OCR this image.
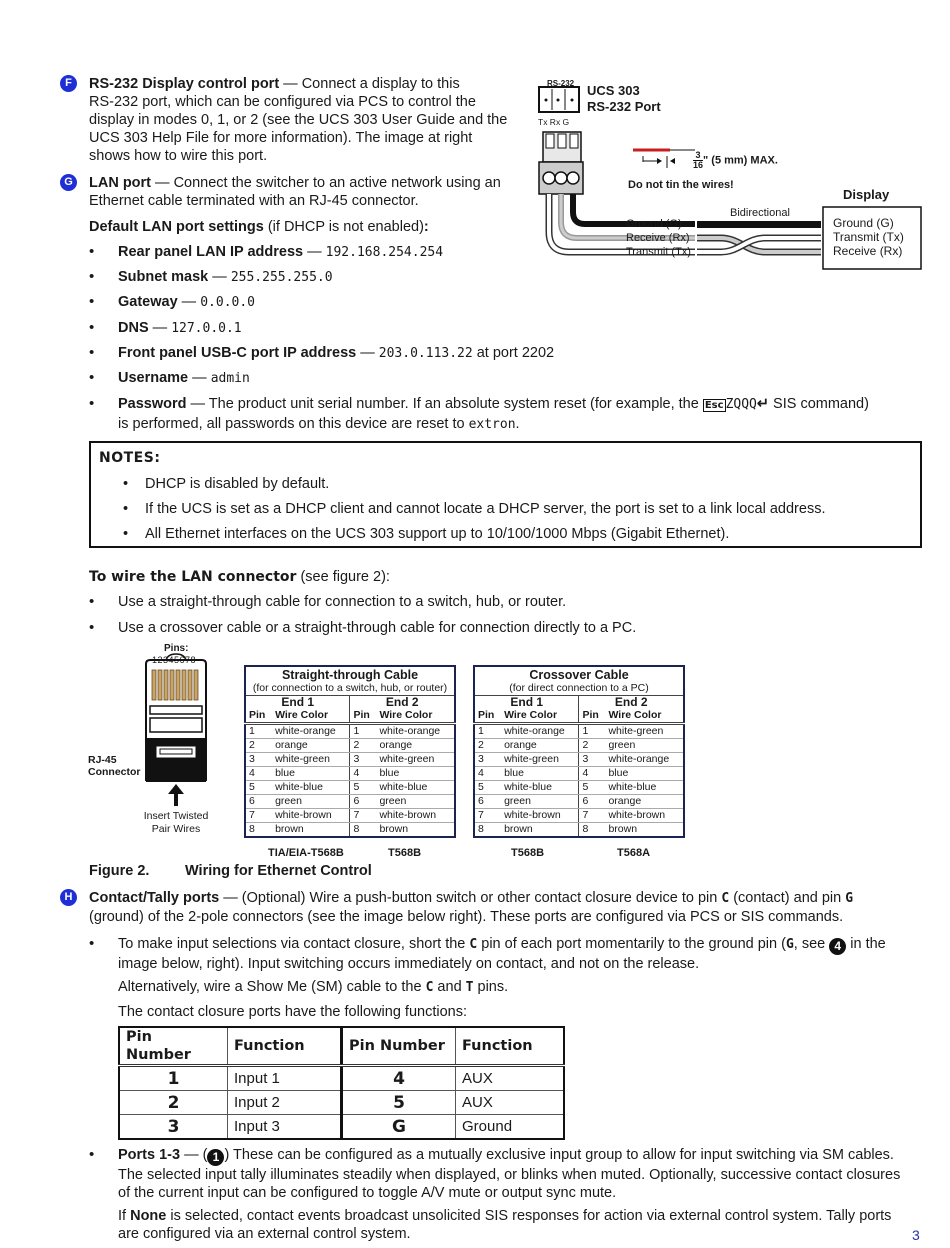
F	RS-232 Display control port — Connect a display to this
RS-232 port, which can be configured via PCS to control the
display in modes 0, 1, or 2 (see the UCS 303 User Guide and the
UCS 303 Help File for more information). The image at right
shows how to wire this port.
RS-232 UCS 303
RS-232 Port
Tx Rx G
$\frac{3}{16}$ " (5 mm) MAX.
Do not tin the wires!
Display
Bidirectional
Ground (G)
Receive (Rx)
Transmit (Tx)
Ground (G)
Transmit (Tx)
Receive (Rx)
G LAN port — Connect the switcher to an active network using an
Ethernet cable terminated with an RJ-45 connector.
Default LAN port settings (if DHCP is not enabled):
• Rear panel LAN IP address — 192.168.254.254
• Subnet mask — 255.255.255.0
• Gateway — 0.0.0.0
• DNS — 127.0.0.1
• Front panel USB-C port IP address — 203.0.113.22 at port 2202
• Username — admin
• Password — The product unit serial number. If an absolute system reset (for example, the Esc ZQQQ↵ SIS command)
is performed, all passwords on this device are reset to extron.
NOTES:
• DHCP is disabled by default.
• If the UCS is set as a DHCP client and cannot locate a DHCP server, the port is set to a link local address.
• All Ethernet interfaces on the UCS 303 support up to 10/100/1000 Mbps (Gigabit Ethernet).
To wire the LAN connector (see figure 2):
• Use a straight-through cable for connection to a switch, hub, or router.
• Use a crossover cable or a straight-through cable for connection directly to a PC.
Pins:
12345678
RJ-45
Connector
Insert Twisted
Pair Wires
Straight-through Cable			
(for connection to a switch, hub, or router)			
End 1		End 2	
Pin	Wire Color	Pin	Wire Color
1	white-orange	1	white-orange
2	orange	2	orange
3	white-green	3	white-green
4	blue	4	blue
5	white-blue	5	white-blue
6	green	6	green
7	white-brown	7	white-brown
8	brown	8	brown
TIA/EIA-T568B	T568B
Crossover Cable			
(for direct connection to a PC)			
End 1		End 2	
Pin	Wire Color	Pin	Wire Color
1	white-orange	1	white-green
2	orange	2	green
3	white-green	3	white-orange
4	blue	4	blue
5	white-blue	5	white-blue
6	green	6	orange
7	white-brown	7	white-brown
8	brown	8	brown
T568B	T568A
Figure 2. Wiring for Ethernet Control
H	Contact/Tally ports — (Optional) Wire a push-button switch or other contact closure device to pin C (contact) and pin G
(ground) of the 2-pole connectors (see the image below right). These ports are configured via PCS or SIS commands.
• To make input selections via contact closure, short the C pin of each port momentarily to the ground pin (G, see 4 in the
image below, right). Input switching occurs immediately on contact, and not on the release.
Alternatively, wire a Show Me (SM) cable to the C and T pins.
The contact closure ports have the following functions:
Pin Number	Function	Pin Number	Function
1	Input 1	4	AUX
2	Input 2	5	AUX
3	Input 3	G	Ground
• Ports 1-3 — ( 1 ) These can be configured as a mutually exclusive input group to allow for input switching via SM cables.
The selected input tally illuminates steadily when displayed, or blinks when muted. Optionally, successive contact closures
of the current input can be configured to toggle A/V mute or output sync mute.
If None is selected, contact events broadcast unsolicited SIS responses for action via external control system. Tally ports
are configured via an external control system.	3
